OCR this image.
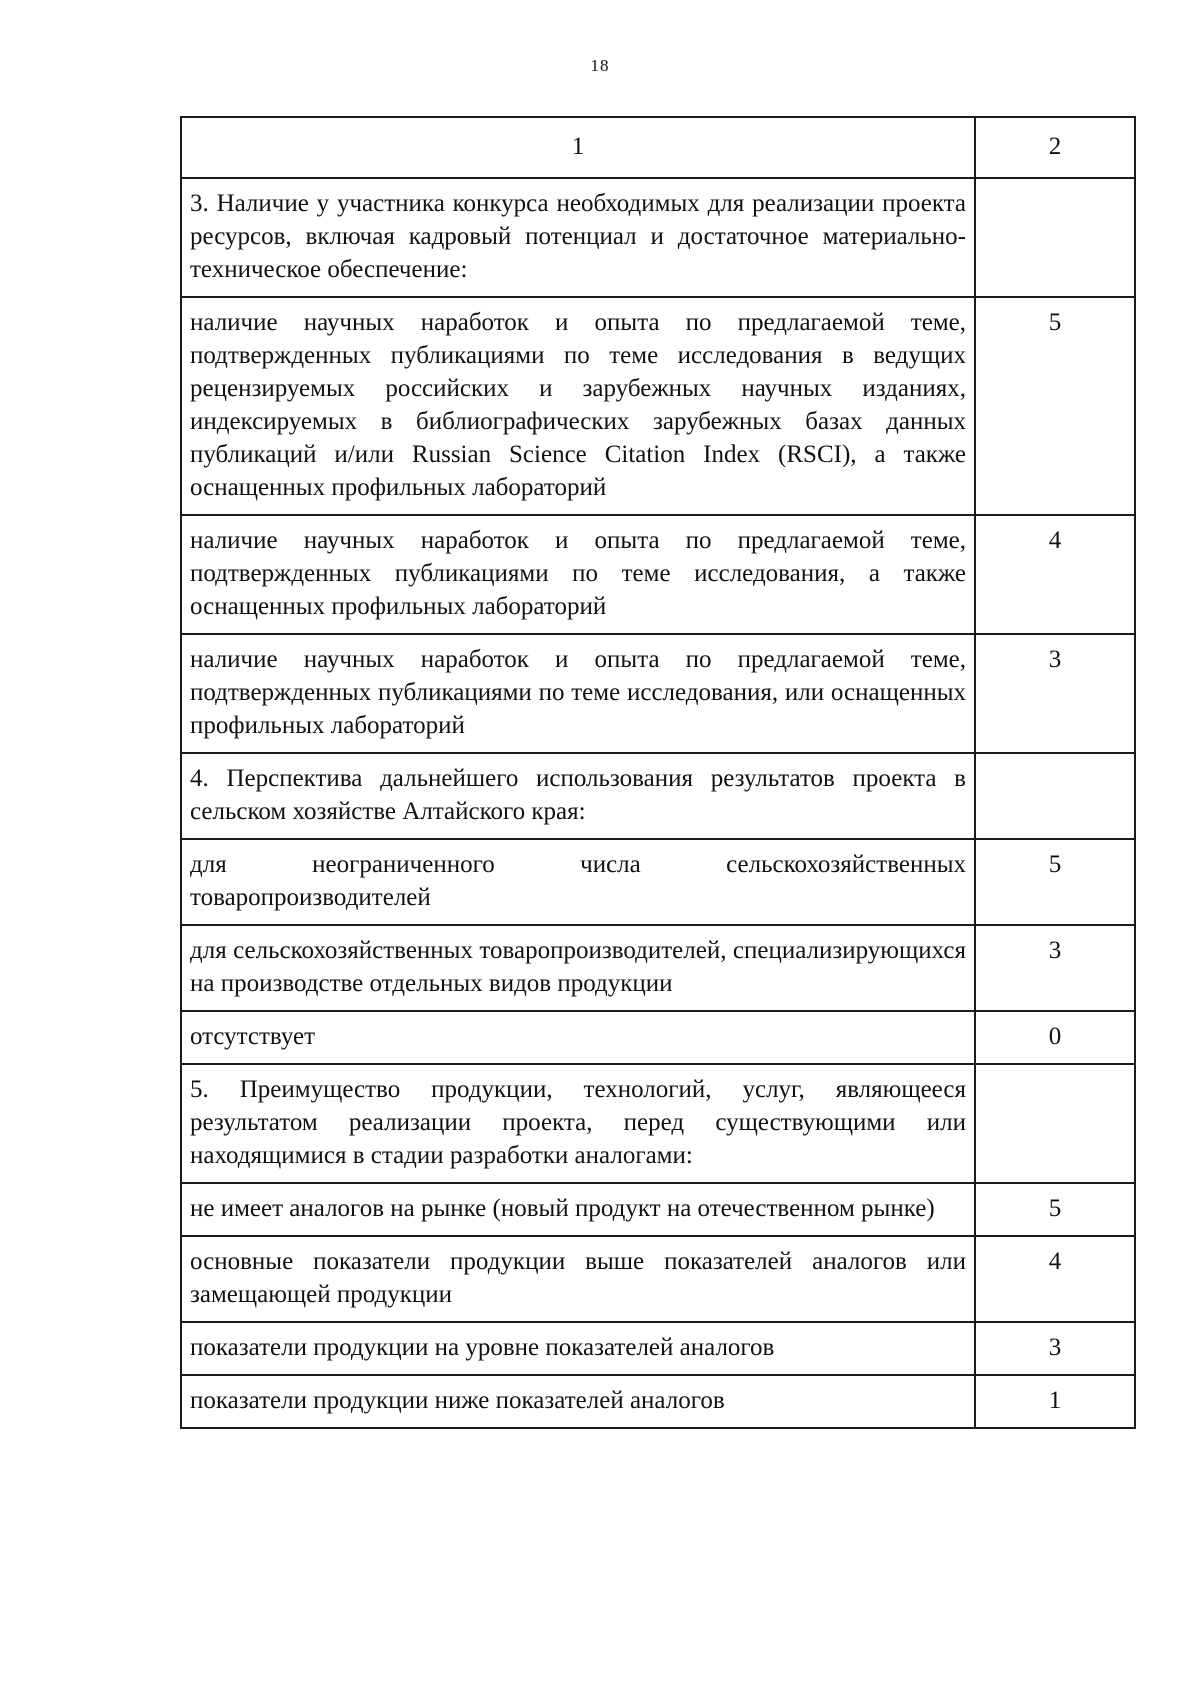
18
1	2
3. Наличие у участника конкурса необходимых для реализации проекта ресурсов, включая кадровый потенциал и достаточное материально-техническое обеспечение:	
наличие научных наработок и опыта по предлагаемой теме, подтвержденных публикациями по теме исследования в ведущих рецензируемых российских и зарубежных научных изданиях, индексируемых в библиографических зарубежных базах данных публикаций и/или Russian Science Citation Index (RSCI), а также оснащенных профильных лабораторий	5
наличие научных наработок и опыта по предлагаемой теме, подтвержденных публикациями по теме исследования, а также оснащенных профильных лабораторий	4
наличие научных наработок и опыта по предлагаемой теме, подтвержденных публикациями по теме исследования, или оснащенных профильных лабораторий	3
4. Перспектива дальнейшего использования результатов проекта в сельском хозяйстве Алтайского края:	
для неограниченного числа сельскохозяйственных товаропроизводителей	5
для сельскохозяйственных товаропроизводителей, специализирующихся на производстве отдельных видов продукции	3
отсутствует	0
5. Преимущество продукции, технологий, услуг, являющееся результатом реализации проекта, перед существующими или находящимися в стадии разработки аналогами:	
не имеет аналогов на рынке (новый продукт на отечественном рынке)	5
основные показатели продукции выше показателей аналогов или замещающей продукции	4
показатели продукции на уровне показателей аналогов	3
показатели продукции ниже показателей аналогов	1
